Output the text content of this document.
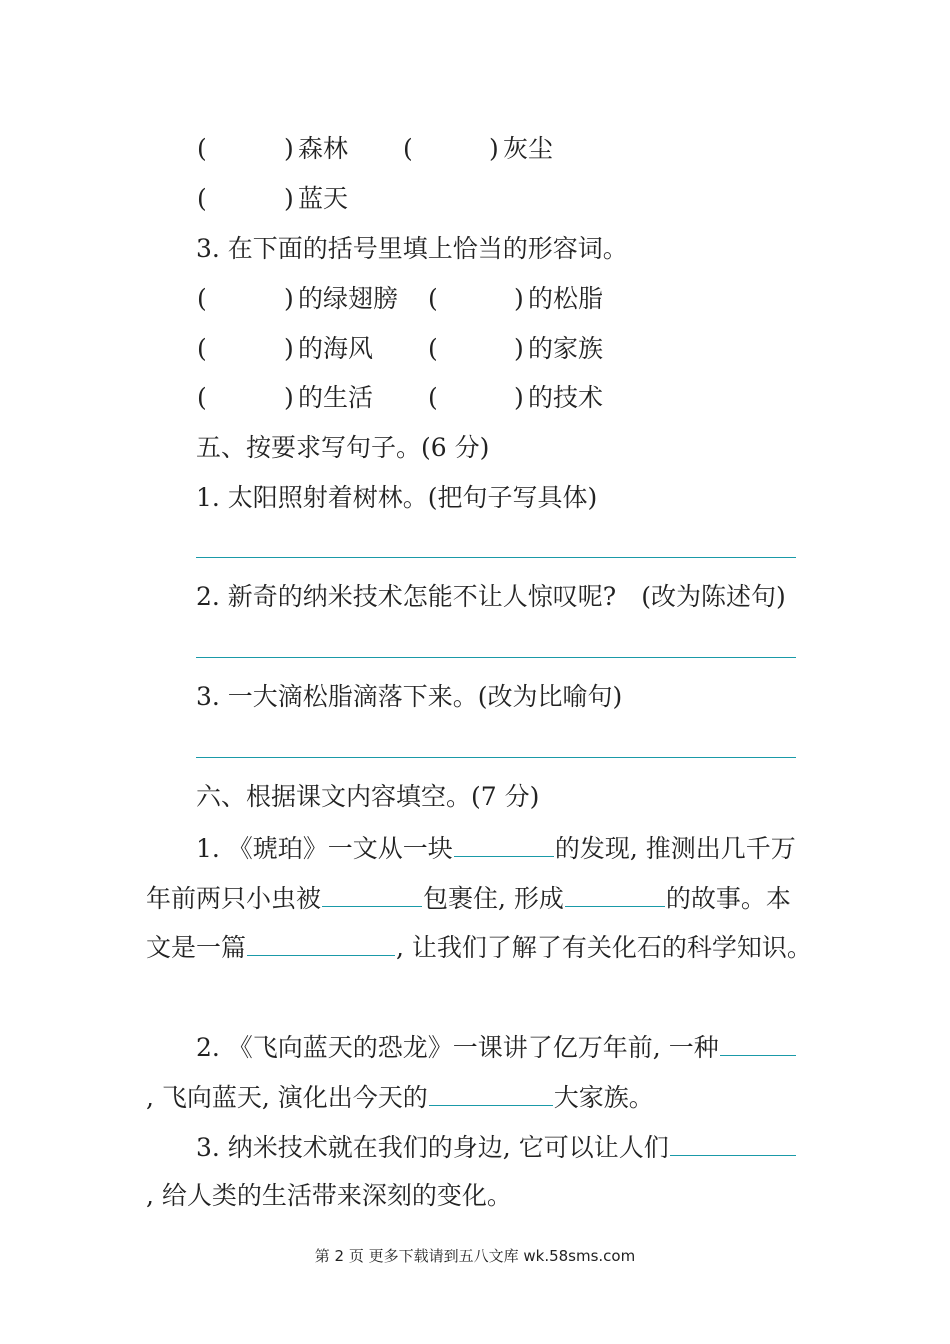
(	) 森林 (	) 灰尘
(	) 蓝天
3. 在下面的括号里填上恰当的形容词。
(	) 的绿翅膀 (	) 的松脂
(	) 的海风 (	) 的家族
(	) 的生活 (	) 的技术
五、按要求写句子。(6 分)
1. 太阳照射着树林。(把句子写具体)
2. 新奇的纳米技术怎能不让人惊叹呢?　(改为陈述句)
3. 一大滴松脂滴落下来。(改为比喻句)
六、根据课文内容填空。(7 分)
1. 《琥珀》一文从一块	的发现, 推测出几千万
年前两只小虫被	包裹住, 形成	的故事。本
文是一篇	, 让我们了解了有关化石的科学知识。
2. 《飞向蓝天的恐龙》一课讲了亿万年前, 一种
, 飞向蓝天, 演化出今天的	大家族。
3. 纳米技术就在我们的身边, 它可以让人们
, 给人类的生活带来深刻的变化。
第 2 页 更多下载请到五八文库 wk.58sms.com
